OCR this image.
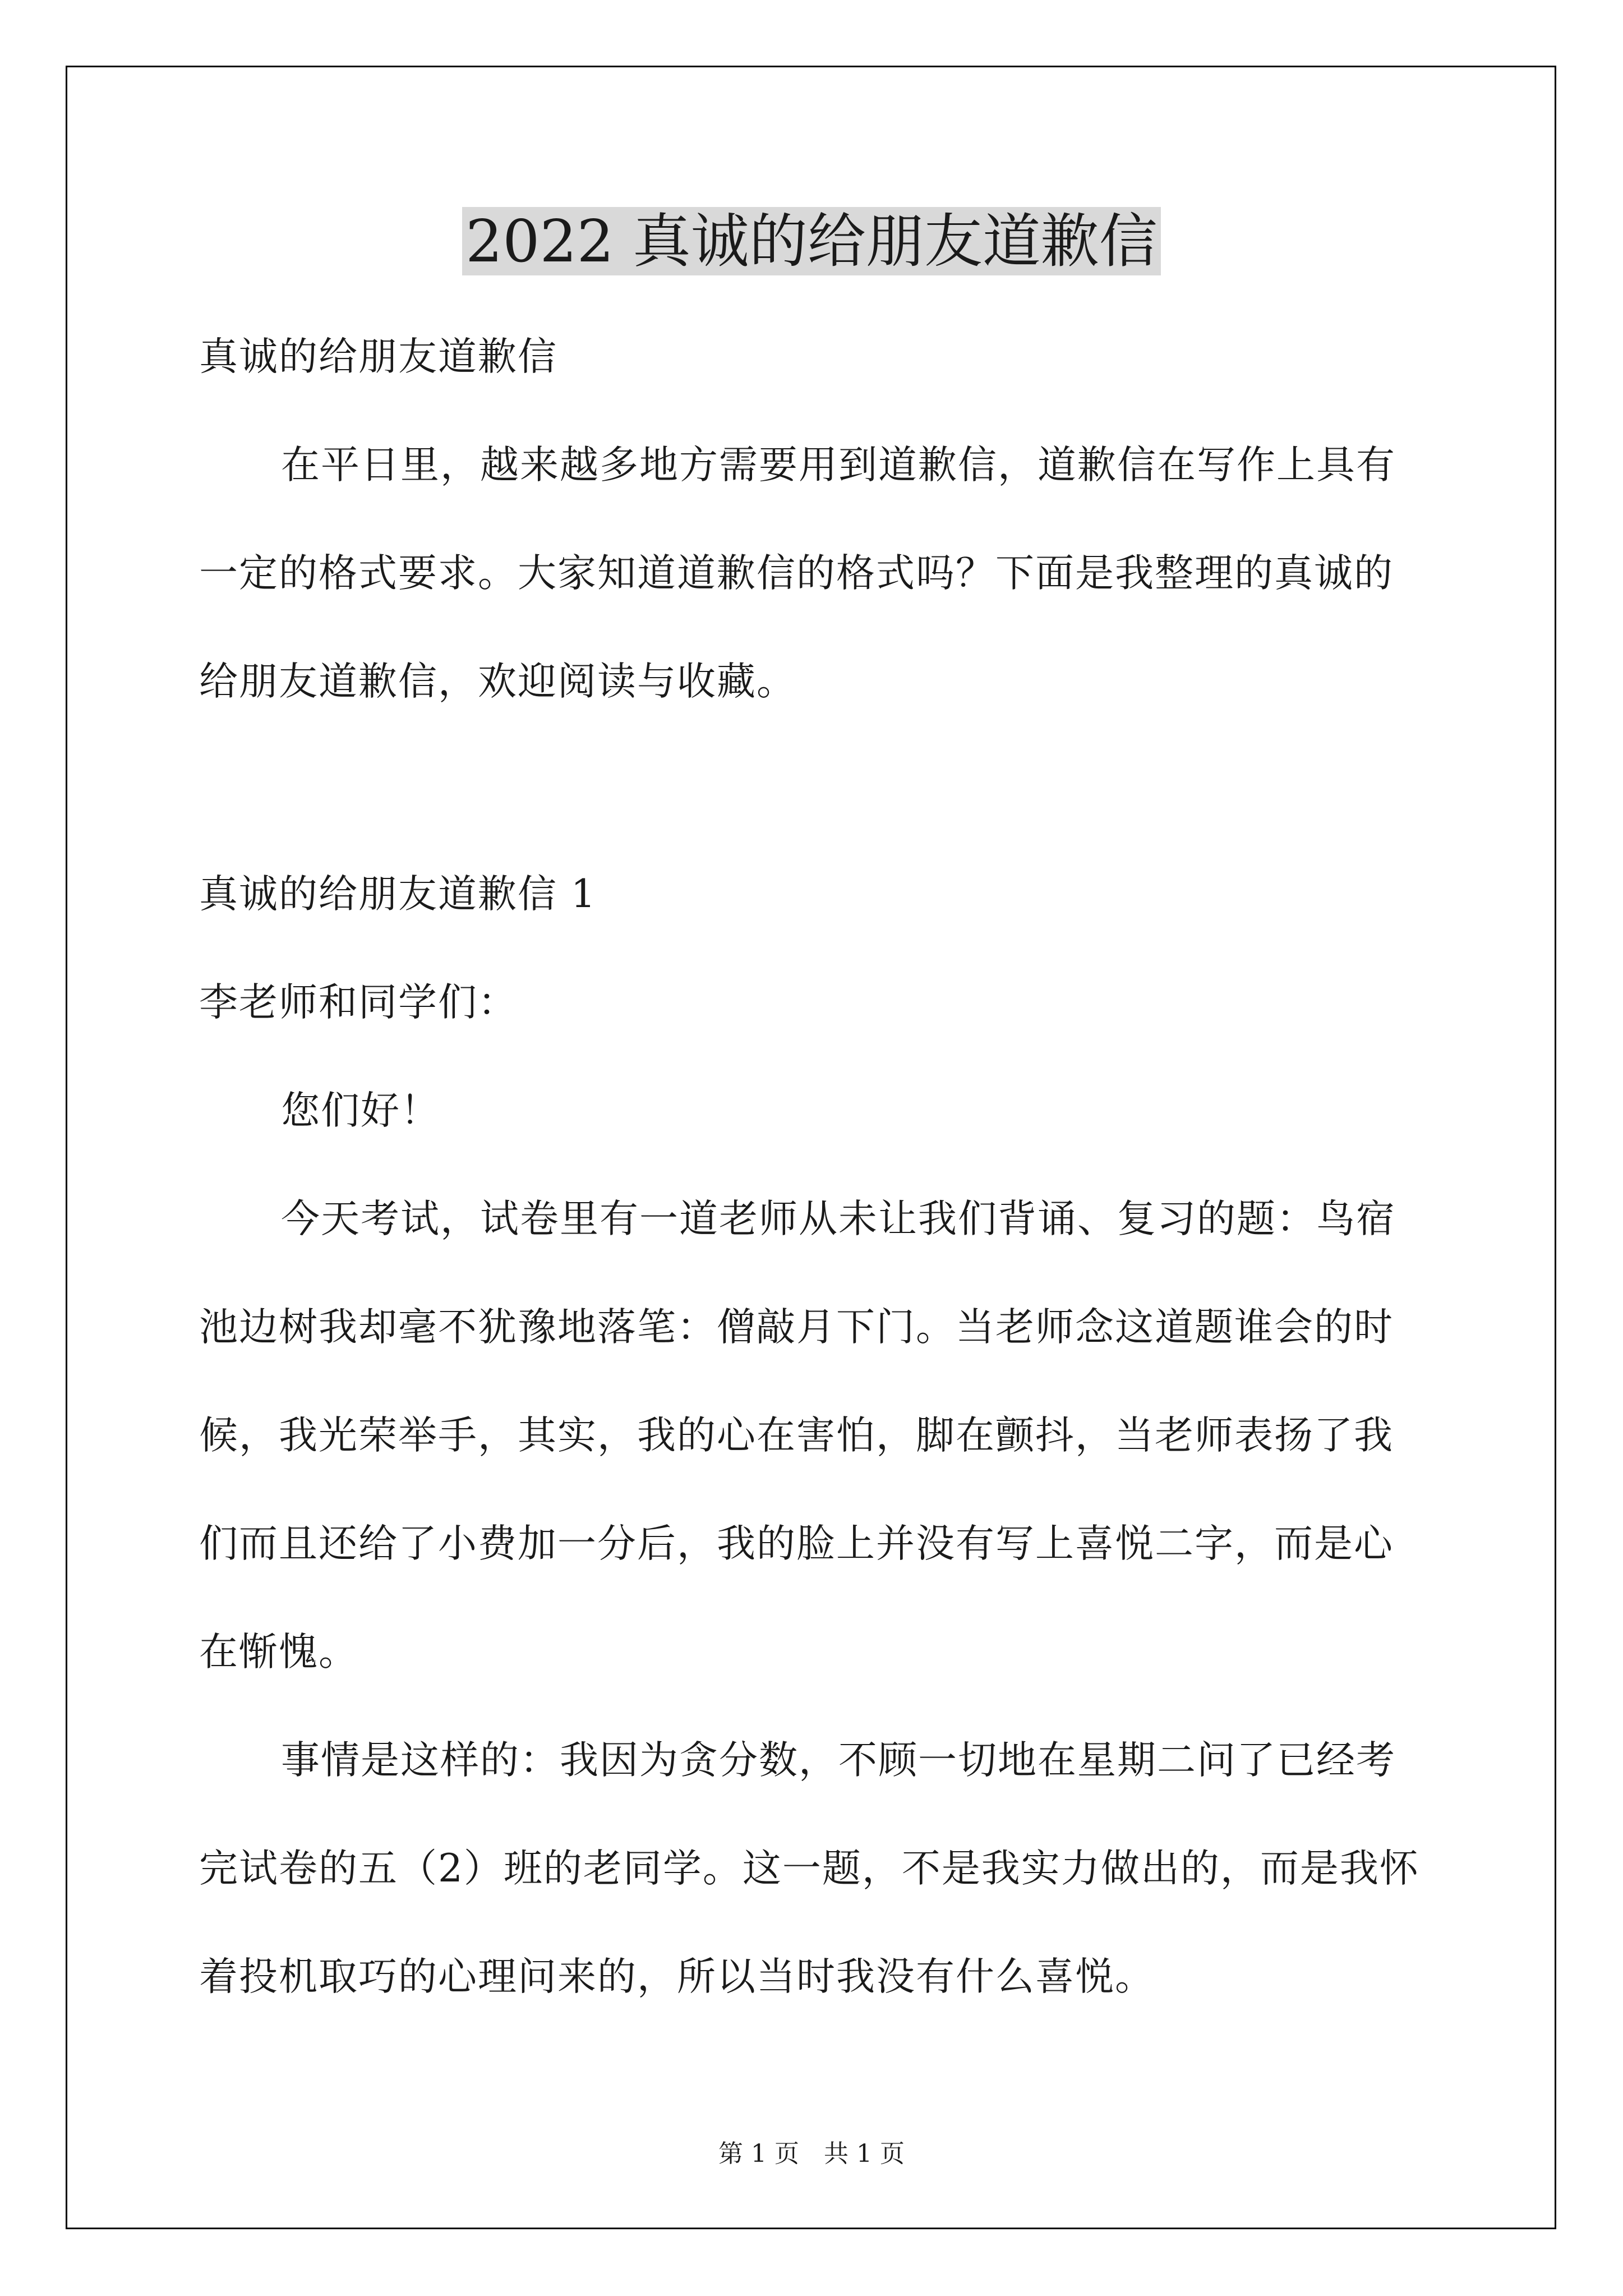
2022 真诚的给朋友道歉信

真诚的给朋友道歉信

在平日里，越来越多地方需要用到道歉信，道歉信在写作上具有一定的格式要求。大家知道道歉信的格式吗？下面是我整理的真诚的给朋友道歉信，欢迎阅读与收藏。

真诚的给朋友道歉信 1

李老师和同学们：

您们好！

今天考试，试卷里有一道老师从未让我们背诵、复习的题：鸟宿池边树我却毫不犹豫地落笔：僧敲月下门。当老师念这道题谁会的时候，我光荣举手，其实，我的心在害怕，脚在颤抖，当老师表扬了我们而且还给了小费加一分后，我的脸上并没有写上喜悦二字，而是心在惭愧。

事情是这样的：我因为贪分数，不顾一切地在星期二问了已经考完试卷的五（2）班的老同学。这一题，不是我实力做出的，而是我怀着投机取巧的心理问来的，所以当时我没有什么喜悦。

第 1 页　共 1 页
